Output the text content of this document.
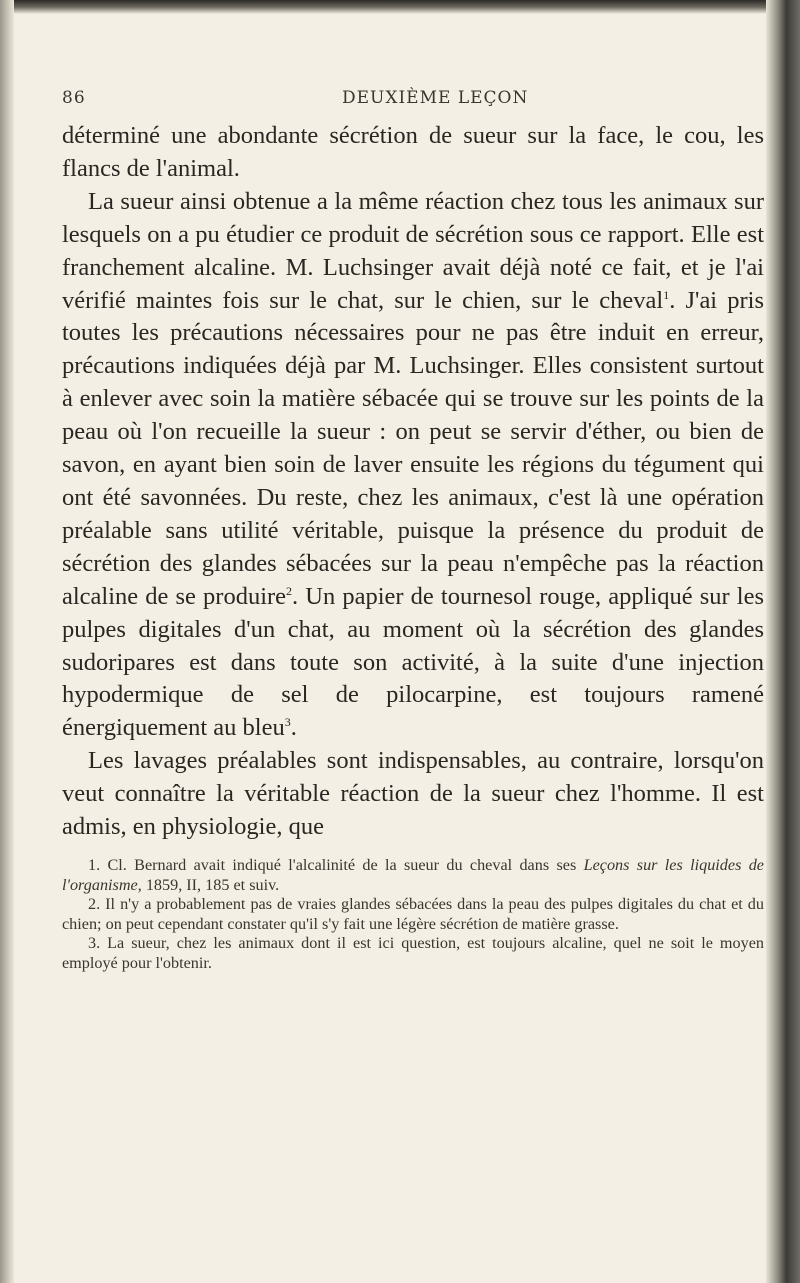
86	DEUXIÈME LEÇON

déterminé une abondante sécrétion de sueur sur la face, le cou, les flancs de l'animal.

La sueur ainsi obtenue a la même réaction chez tous les animaux sur lesquels on a pu étudier ce produit de sécrétion sous ce rapport. Elle est franchement alcaline. M. Luchsinger avait déjà noté ce fait, et je l'ai vérifié maintes fois sur le chat, sur le chien, sur le cheval$^1$. J'ai pris toutes les précautions nécessaires pour ne pas être induit en erreur, précautions indiquées déjà par M. Luchsinger. Elles consistent surtout à enlever avec soin la matière sébacée qui se trouve sur les points de la peau où l'on recueille la sueur : on peut se servir d'éther, ou bien de savon, en ayant bien soin de laver ensuite les régions du tégument qui ont été savonnées. Du reste, chez les animaux, c'est là une opération préalable sans utilité véritable, puisque la présence du produit de sécrétion des glandes sébacées sur la peau n'empêche pas la réaction alcaline de se produire$^2$. Un papier de tournesol rouge, appliqué sur les pulpes digitales d'un chat, au moment où la sécrétion des glandes sudoripares est dans toute son activité, à la suite d'une injection hypodermique de sel de pilocarpine, est toujours ramené énergiquement au bleu$^3$.

Les lavages préalables sont indispensables, au contraire, lorsqu'on veut connaître la véritable réaction de la sueur chez l'homme. Il est admis, en physiologie, que

1. Cl. Bernard avait indiqué l'alcalinité de la sueur du cheval dans ses Leçons sur les liquides de l'organisme, 1859, II, 185 et suiv.

2. Il n'y a probablement pas de vraies glandes sébacées dans la peau des pulpes digitales du chat et du chien; on peut cependant constater qu'il s'y fait une légère sécrétion de matière grasse.

3. La sueur, chez les animaux dont il est ici question, est toujours alcaline, quel ne soit le moyen employé pour l'obtenir.
